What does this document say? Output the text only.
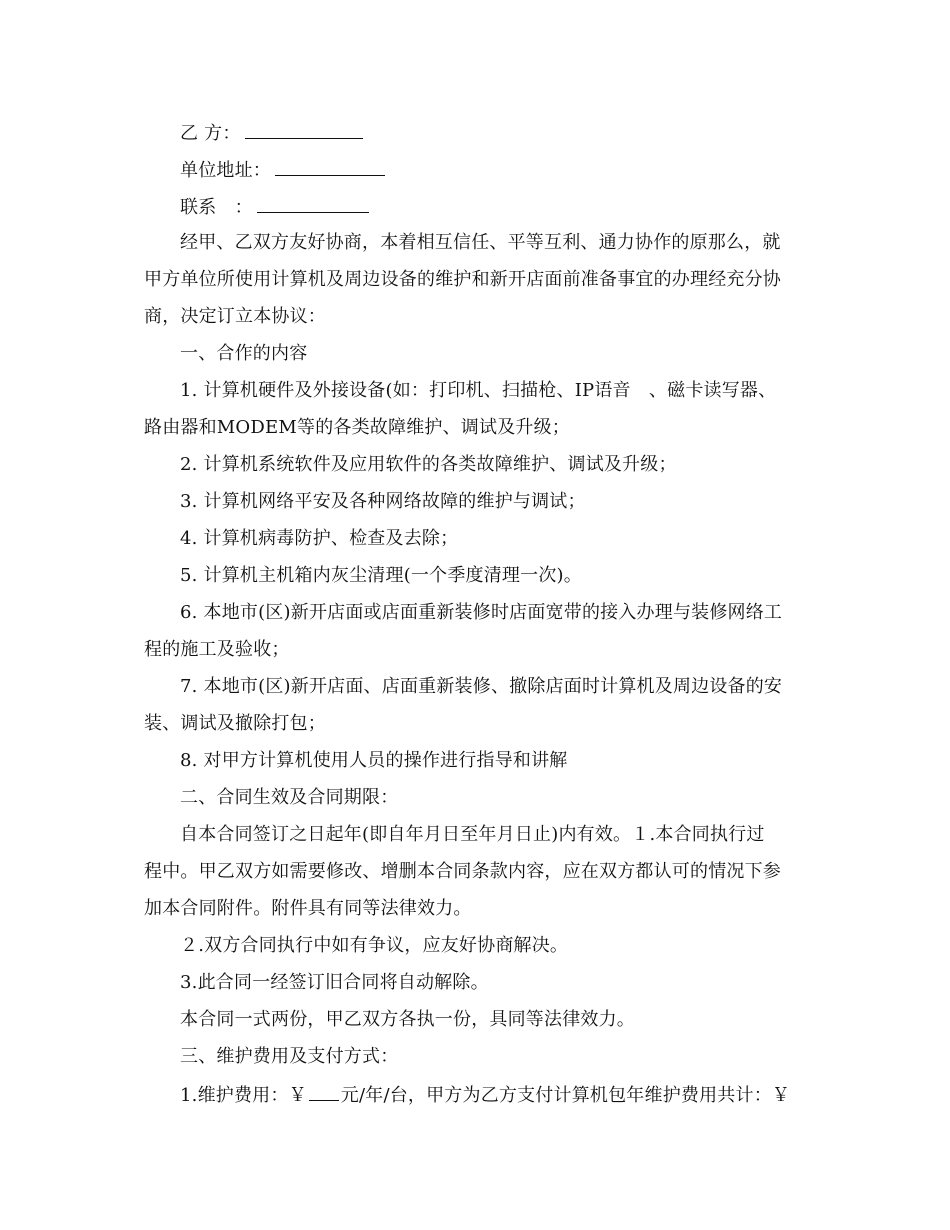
乙 方：
单位地址：
联系　：
经甲、乙双方友好协商，本着相互信任、平等互利、通力协作的原那么，就
甲方单位所使用计算机及周边设备的维护和新开店面前准备事宜的办理经充分协
商，决定订立本协议：
一、合作的内容
1. 计算机硬件及外接设备(如：打印机、扫描枪、IP语音　、磁卡读写器、
路由器和MODEM等的各类故障维护、调试及升级；
2. 计算机系统软件及应用软件的各类故障维护、调试及升级；
3. 计算机网络平安及各种网络故障的维护与调试；
4. 计算机病毒防护、检查及去除；
5. 计算机主机箱内灰尘清理(一个季度清理一次)。
6. 本地市(区)新开店面或店面重新装修时店面宽带的接入办理与装修网络工
程的施工及验收；
7. 本地市(区)新开店面、店面重新装修、撤除店面时计算机及周边设备的安
装、调试及撤除打包；
8. 对甲方计算机使用人员的操作进行指导和讲解
二、合同生效及合同期限：
自本合同签订之日起年(即自年月日至年月日止)内有效。１.本合同执行过
程中。甲乙双方如需要修改、增删本合同条款内容，应在双方都认可的情况下参
加本合同附件。附件具有同等法律效力。
２.双方合同执行中如有争议，应友好协商解决。
3.此合同一经签订旧合同将自动解除。
本合同一式两份，甲乙双方各执一份，具同等法律效力。
三、维护费用及支付方式：
1.维护费用：￥ 元/年/台，甲方为乙方支付计算机包年维护费用共计：￥
